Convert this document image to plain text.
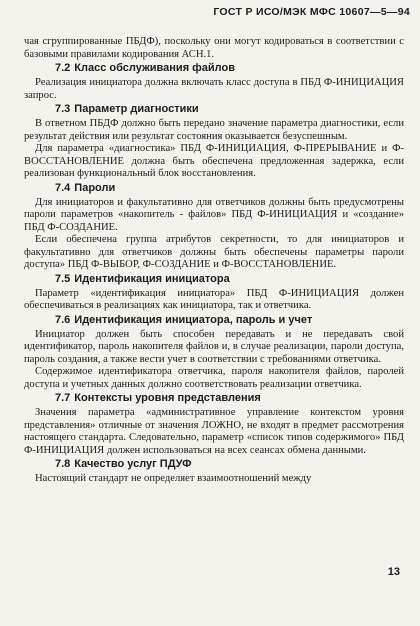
ГОСТ Р ИСО/МЭК МФС 10607—5—94

чая сгруппированные ПБДФ), поскольку они могут кодироваться в соответствии с базовыми правилами кодирования АСН.1.

7.2 Класс обслуживания файлов

Реализация инициатора должна включать класс доступа в ПБД Ф-ИНИЦИАЦИЯ запрос.

7.3 Параметр диагностики

В ответном ПБДФ должно быть передано значение параметра диагностики, если результат действия или результат состояния оказывается безуспешным.

Для параметра «диагностика» ПБД Ф-ИНИЦИАЦИЯ, Ф-ПРЕРЫВАНИЕ и Ф-ВОССТАНОВЛЕНИЕ должна быть обеспечена предложенная задержка, если реализован функциональный блок восстановления.

7.4 Пароли

Для инициаторов и факультативно для ответчиков должны быть предусмотрены пароли параметров «накопитель - файлов» ПБД Ф-ИНИЦИАЦИЯ и «создание» ПБД Ф-СОЗДАНИЕ.

Если обеспечена группа атрибутов секретности, то для инициаторов и факультативно для ответчиков должны быть обеспечены параметры пароли доступа» ПБД Ф-ВЫБОР, Ф-СОЗДАНИЕ и Ф-ВОССТАНОВЛЕНИЕ.

7.5 Идентификация инициатора

Параметр «идентификация инициатора» ПБД Ф-ИНИЦИАЦИЯ должен обеспечиваться в реализациях как инициатора, так и ответчика.

7.6 Идентификация инициатора, пароль и учет

Инициатор должен быть способен передавать и не передавать свой идентификатор, пароль накопителя файлов и, в случае реализации, пароли доступа, пароль создания, а также вести учет в соответствии с требованиями ответчика.

Содержимое идентификатора ответчика, пароля накопителя файлов, паролей доступа и учетных данных должно соответствовать реализации ответчика.

7.7 Контексты уровня представления

Значения параметра «административное управление контекстом уровня представления» отличные от значения ЛОЖНО, не входят в предмет рассмотрения настоящего стандарта. Следовательно, параметр «список типов содержимого» ПБД Ф-ИНИЦИАЦИЯ должен использоваться на всех сеансах обмена данными.

7.8 Качество услуг ПДУФ

Настоящий стандарт не определяет взаимоотношений между

13
